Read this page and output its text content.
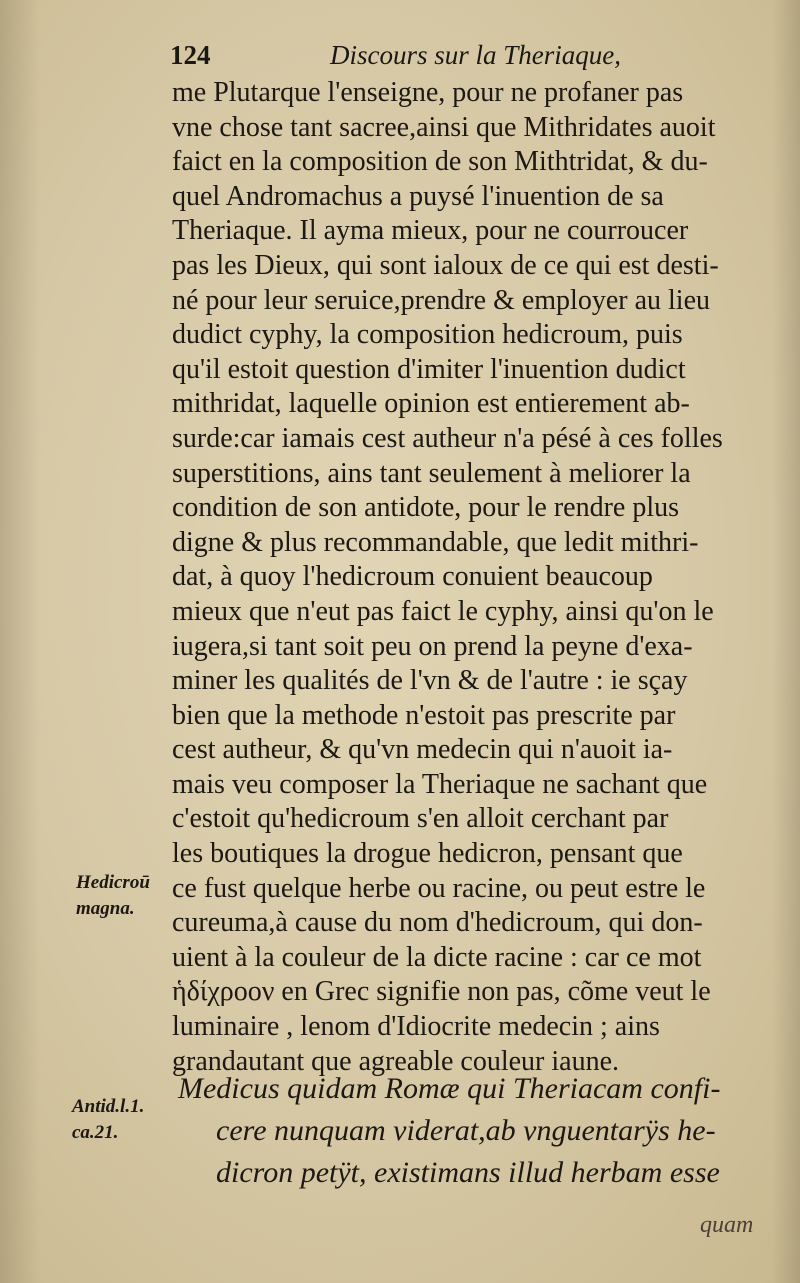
124	Discours sur la Theriaque,
me Plutarque l'enseigne, pour ne profaner pas
vne chose tant sacree,ainsi que Mithridates auoit
faict en la composition de son Mithtridat, & du-
quel Andromachus a puysé l'inuention de sa
Theriaque. Il ayma mieux, pour ne courroucer
pas les Dieux, qui sont ialoux de ce qui est desti-
né pour leur seruice,prendre & employer au lieu
dudict cyphy, la composition hedicroum, puis
qu'il estoit question d'imiter l'inuention dudict
mithridat, laquelle opinion est entierement ab-
surde:car iamais cest autheur n'a pésé à ces folles
superstitions, ains tant seulement à meliorer la
condition de son antidote, pour le rendre plus
digne & plus recommandable, que ledit mithri-
dat, à quoy l'hedicroum conuient beaucoup
mieux que n'eut pas faict le cyphy, ainsi qu'on le
iugera,si tant soit peu on prend la peyne d'exa-
miner les qualités de l'vn & de l'autre : ie sçay
bien que la methode n'estoit pas prescrite par
cest autheur, & qu'vn medecin qui n'auoit ia-
mais veu composer la Theriaque ne sachant que
c'estoit qu'hedicroum s'en alloit cerchant par
les boutiques la drogue hedicron, pensant que
ce fust quelque herbe ou racine, ou peut estre le
cureuma,à cause du nom d'hedicroum, qui don-
uient à la couleur de la dicte racine : car ce mot
ἡδίχροον en Grec signifie non pas, cõme veut le
luminaire , lenom d'Idiocrite medecin ; ains
grandautant que agreable couleur iaune.
Hedicroū
magna.
Medicus quidam Romæ qui Theriacam confi-
cere nunquam viderat,ab vnguentarÿs he-
dicron petÿt, existimans illud herbam esse
Antid.l.1.
ca.21.
quam
